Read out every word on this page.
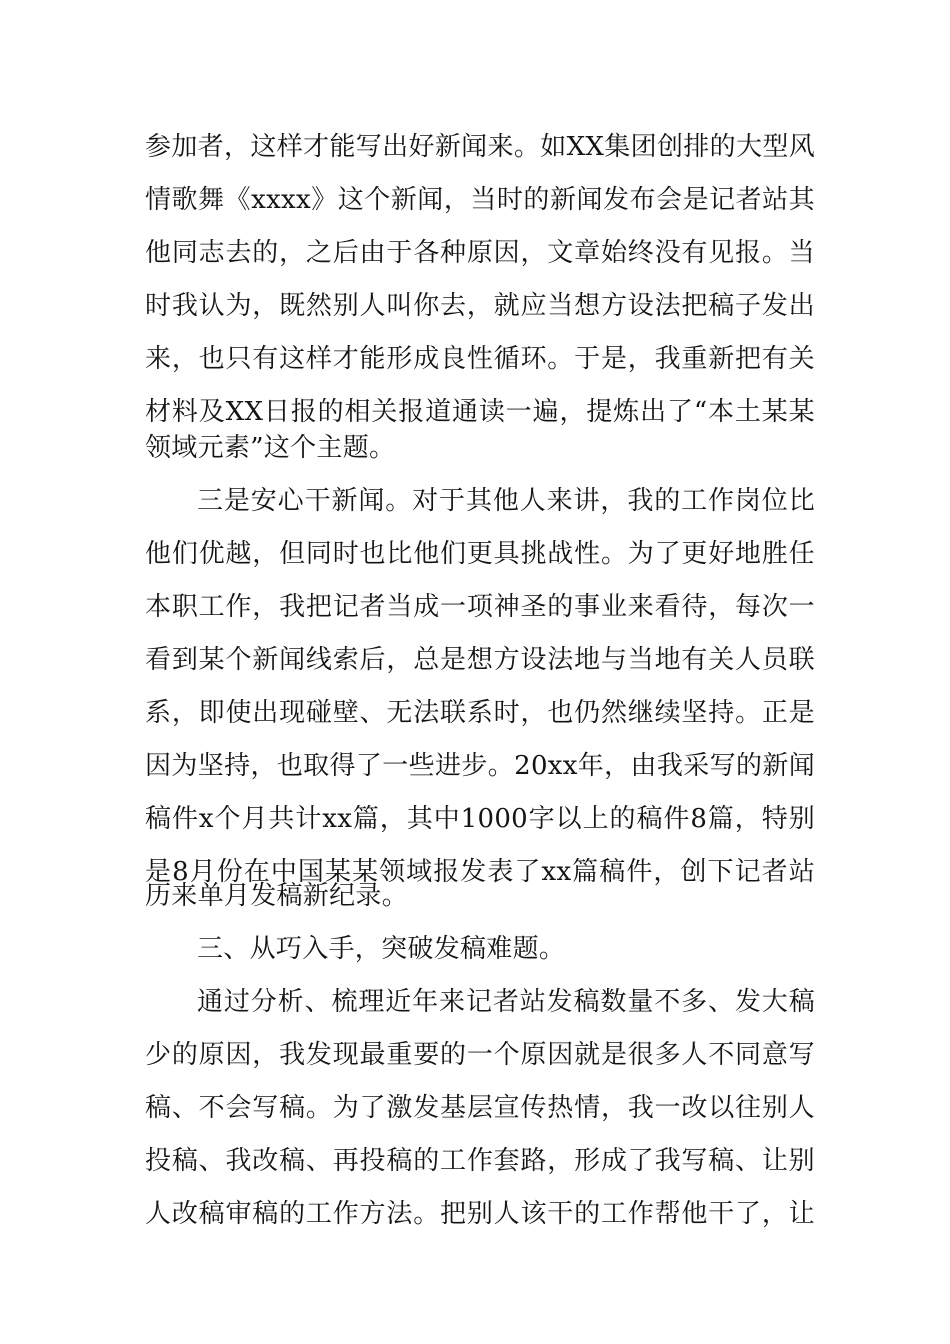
参加者，这样才能写出好新闻来。如XX集团创排的大型风
情歌舞《xxxx》这个新闻，当时的新闻发布会是记者站其
他同志去的，之后由于各种原因，文章始终没有见报。当
时我认为，既然别人叫你去，就应当想方设法把稿子发出
来，也只有这样才能形成良性循环。于是，我重新把有关
材料及XX日报的相关报道通读一遍，提炼出了“本土某某
领域元素”这个主题。
三是安心干新闻。对于其他人来讲，我的工作岗位比
他们优越，但同时也比他们更具挑战性。为了更好地胜任
本职工作，我把记者当成一项神圣的事业来看待，每次一
看到某个新闻线索后，总是想方设法地与当地有关人员联
系，即使出现碰壁、无法联系时，也仍然继续坚持。正是
因为坚持，也取得了一些进步。20xx年，由我采写的新闻
稿件x个月共计xx篇，其中1000字以上的稿件8篇，特别
是8月份在中国某某领域报发表了xx篇稿件，创下记者站
历来单月发稿新纪录。
三、从巧入手，突破发稿难题。
通过分析、梳理近年来记者站发稿数量不多、发大稿
少的原因，我发现最重要的一个原因就是很多人不同意写
稿、不会写稿。为了激发基层宣传热情，我一改以往别人
投稿、我改稿、再投稿的工作套路，形成了我写稿、让别
人改稿审稿的工作方法。把别人该干的工作帮他干了，让
